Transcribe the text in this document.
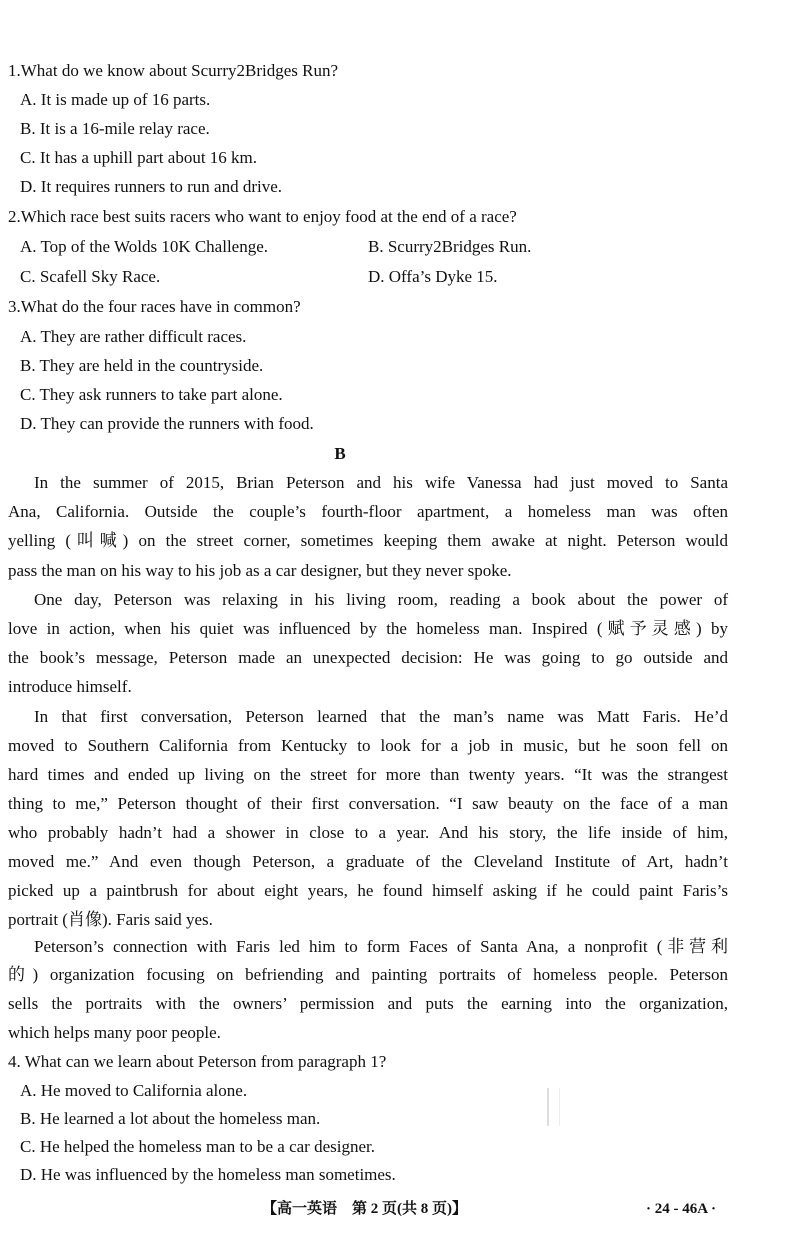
1.What do we know about Scurry2Bridges Run?
A. It is made up of 16 parts.
B. It is a 16-mile relay race.
C. It has a uphill part about 16 km.
D. It requires runners to run and drive.
2.Which race best suits racers who want to enjoy food at the end of a race?
A. Top of the Wolds 10K Challenge.	B. Scurry2Bridges Run.
C. Scafell Sky Race.	D. Offa’s Dyke 15.
3.What do the four races have in common?
A. They are rather difficult races.
B. They are held in the countryside.
C. They ask runners to take part alone.
D. They can provide the runners with food.
B
In the summer of 2015, Brian Peterson and his wife Vanessa had just moved to Santa
Ana, California. Outside the couple’s fourth-floor apartment, a homeless man was often
yelling (叫喊) on the street corner, sometimes keeping them awake at night. Peterson would
pass the man on his way to his job as a car designer, but they never spoke.
One day, Peterson was relaxing in his living room, reading a book about the power of
love in action, when his quiet was influenced by the homeless man. Inspired (赋予灵感) by
the book’s message, Peterson made an unexpected decision: He was going to go outside and
introduce himself.
In that first conversation, Peterson learned that the man’s name was Matt Faris. He’d
moved to Southern California from Kentucky to look for a job in music, but he soon fell on
hard times and ended up living on the street for more than twenty years. “It was the strangest
thing to me,” Peterson thought of their first conversation. “I saw beauty on the face of a man
who probably hadn’t had a shower in close to a year. And his story, the life inside of him,
moved me.” And even though Peterson, a graduate of the Cleveland Institute of Art, hadn’t
picked up a paintbrush for about eight years, he found himself asking if he could paint Faris’s
portrait (肖像). Faris said yes.
Peterson’s connection with Faris led him to form Faces of Santa Ana, a nonprofit (非营利
的) organization focusing on befriending and painting portraits of homeless people. Peterson
sells the portraits with the owners’ permission and puts the earning into the organization,
which helps many poor people.
4. What can we learn about Peterson from paragraph 1?
A. He moved to California alone.
B. He learned a lot about the homeless man.
C. He helped the homeless man to be a car designer.
D. He was influenced by the homeless man sometimes.
【高一英语　第 2 页(共 8 页)】	· 24 - 46A ·
